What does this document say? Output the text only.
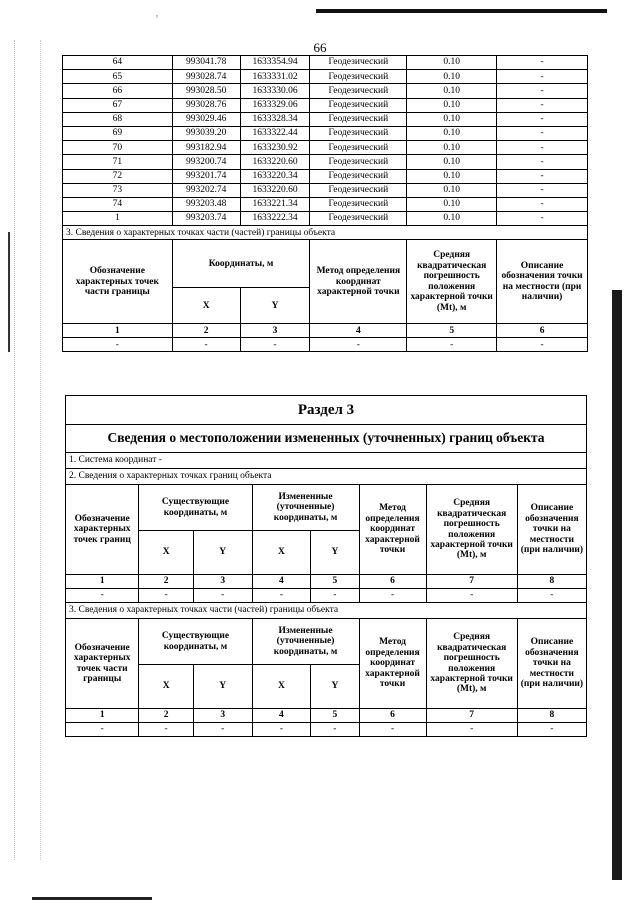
ʼ
66
64	993041.78	1633354.94	Геодезический	0.10	-
65	993028.74	1633331.02	Геодезический	0.10	-
66	993028.50	1633330.06	Геодезический	0.10	-
67	993028.76	1633329.06	Геодезический	0.10	-
68	993029.46	1633328.34	Геодезический	0.10	-
69	993039.20	1633322.44	Геодезический	0.10	-
70	993182.94	1633230.92	Геодезический	0.10	-
71	993200.74	1633220.60	Геодезический	0.10	-
72	993201.74	1633220.34	Геодезический	0.10	-
73	993202.74	1633220.60	Геодезический	0.10	-
74	993203.48	1633221.34	Геодезический	0.10	-
1	993203.74	1633222.34	Геодезический	0.10	-
3. Сведения о характерных точках части (частей) границы объекта					
Обозначение характерных точек части границы	Координаты, м		Метод определения координат характерной точки	Средняя квадратическая погрешность положения характерной точки (Mt), м	Описание обозначения точки на местности (при наличии)
	X	Y			
1	2	3	4	5	6
-	-	-	-	-	-
Раздел 3							
Сведения о местоположении измененных (уточненных) границ объекта							
1. Система координат -							
2. Сведения о характерных точках границ объекта							
Обозначение характерных точек границ	Существующие координаты, м		Измененные (уточненные) координаты, м		Метод определения координат характерной точки	Средняя квадратическая погрешность положения характерной точки (Mt), м	Описание обозначения точки на местности (при наличии)
	X	Y	X	Y			
1	2	3	4	5	6	7	8
-	-	-	-	-	-	-	-
3. Сведения о характерных точках части (частей) границы объекта							
Обозначение характерных точек части границы	Существующие координаты, м		Измененные (уточненные) координаты, м		Метод определения координат характерной точки	Средняя квадратическая погрешность положения характерной точки (Mt), м	Описание обозначения точки на местности (при наличии)
	X	Y	X	Y			
1	2	3	4	5	6	7	8
-	-	-	-	-	-	-	-
